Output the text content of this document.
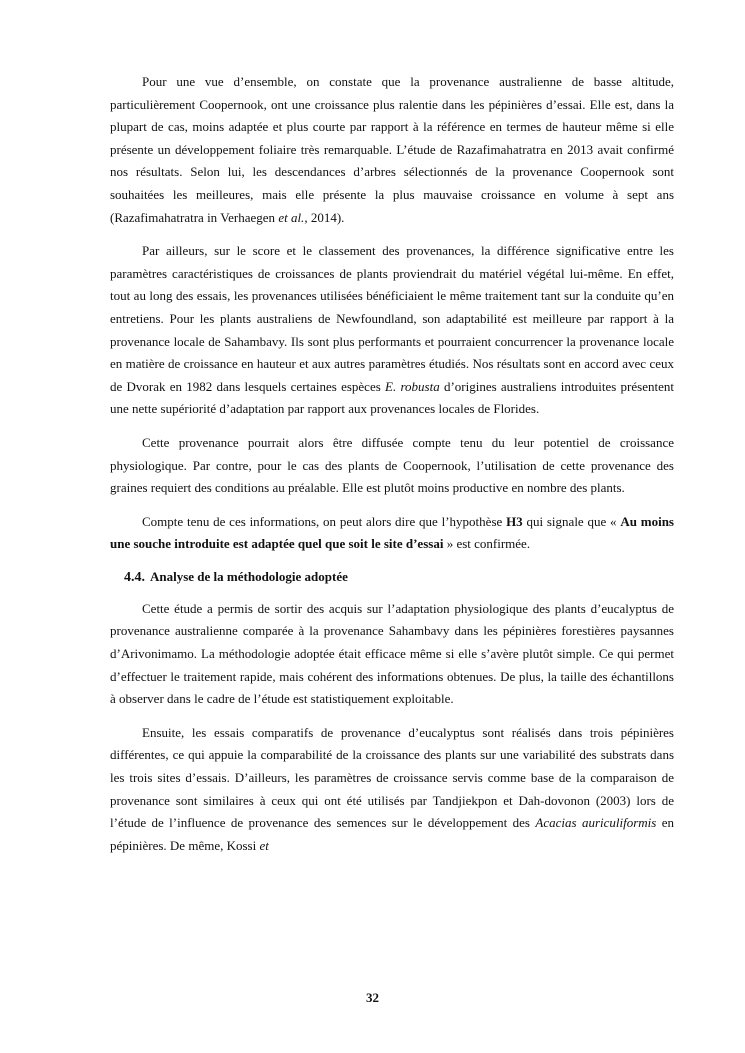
Pour une vue d’ensemble, on constate que la provenance australienne de basse altitude, particulièrement Coopernook, ont une croissance plus ralentie dans les pépinières d’essai. Elle est, dans la plupart de cas, moins adaptée et plus courte par rapport à la référence en termes de hauteur même si elle présente un développement foliaire très remarquable. L’étude de Razafimahatratra en 2013 avait confirmé nos résultats. Selon lui, les descendances d’arbres sélectionnés de la provenance Coopernook sont souhaitées les meilleures, mais elle présente la plus mauvaise croissance en volume à sept ans (Razafimahatratra in Verhaegen et al., 2014).

Par ailleurs, sur le score et le classement des provenances, la différence significative entre les paramètres caractéristiques de croissances de plants proviendrait du matériel végétal lui-même. En effet, tout au long des essais, les provenances utilisées bénéficiaient le même traitement tant sur la conduite qu’en entretiens. Pour les plants australiens de Newfoundland, son adaptabilité est meilleure par rapport à la provenance locale de Sahambavy. Ils sont plus performants et pourraient concurrencer la provenance locale en matière de croissance en hauteur et aux autres paramètres étudiés. Nos résultats sont en accord avec ceux de Dvorak en 1982 dans lesquels certaines espèces E. robusta d’origines australiens introduites présentent une nette supériorité d’adaptation par rapport aux provenances locales de Florides.

Cette provenance pourrait alors être diffusée compte tenu du leur potentiel de croissance physiologique. Par contre, pour le cas des plants de Coopernook, l’utilisation de cette provenance des graines requiert des conditions au préalable. Elle est plutôt moins productive en nombre des plants.

Compte tenu de ces informations, on peut alors dire que l’hypothèse H3 qui signale que « Au moins une souche introduite est adaptée quel que soit le site d’essai » est confirmée.

4.4. Analyse de la méthodologie adoptée

Cette étude a permis de sortir des acquis sur l’adaptation physiologique des plants d’eucalyptus de provenance australienne comparée à la provenance Sahambavy dans les pépinières forestières paysannes d’Arivonimamo. La méthodologie adoptée était efficace même si elle s’avère plutôt simple. Ce qui permet d’effectuer le traitement rapide, mais cohérent des informations obtenues. De plus, la taille des échantillons à observer dans le cadre de l’étude est statistiquement exploitable.

Ensuite, les essais comparatifs de provenance d’eucalyptus sont réalisés dans trois pépinières différentes, ce qui appuie la comparabilité de la croissance des plants sur une variabilité des substrats dans les trois sites d’essais. D’ailleurs, les paramètres de croissance servis comme base de la comparaison de provenance sont similaires à ceux qui ont été utilisés par Tandjiekpon et Dah-dovonon (2003) lors de l’étude de l’influence de provenance des semences sur le développement des Acacias auriculiformis en pépinières. De même, Kossi et

32
